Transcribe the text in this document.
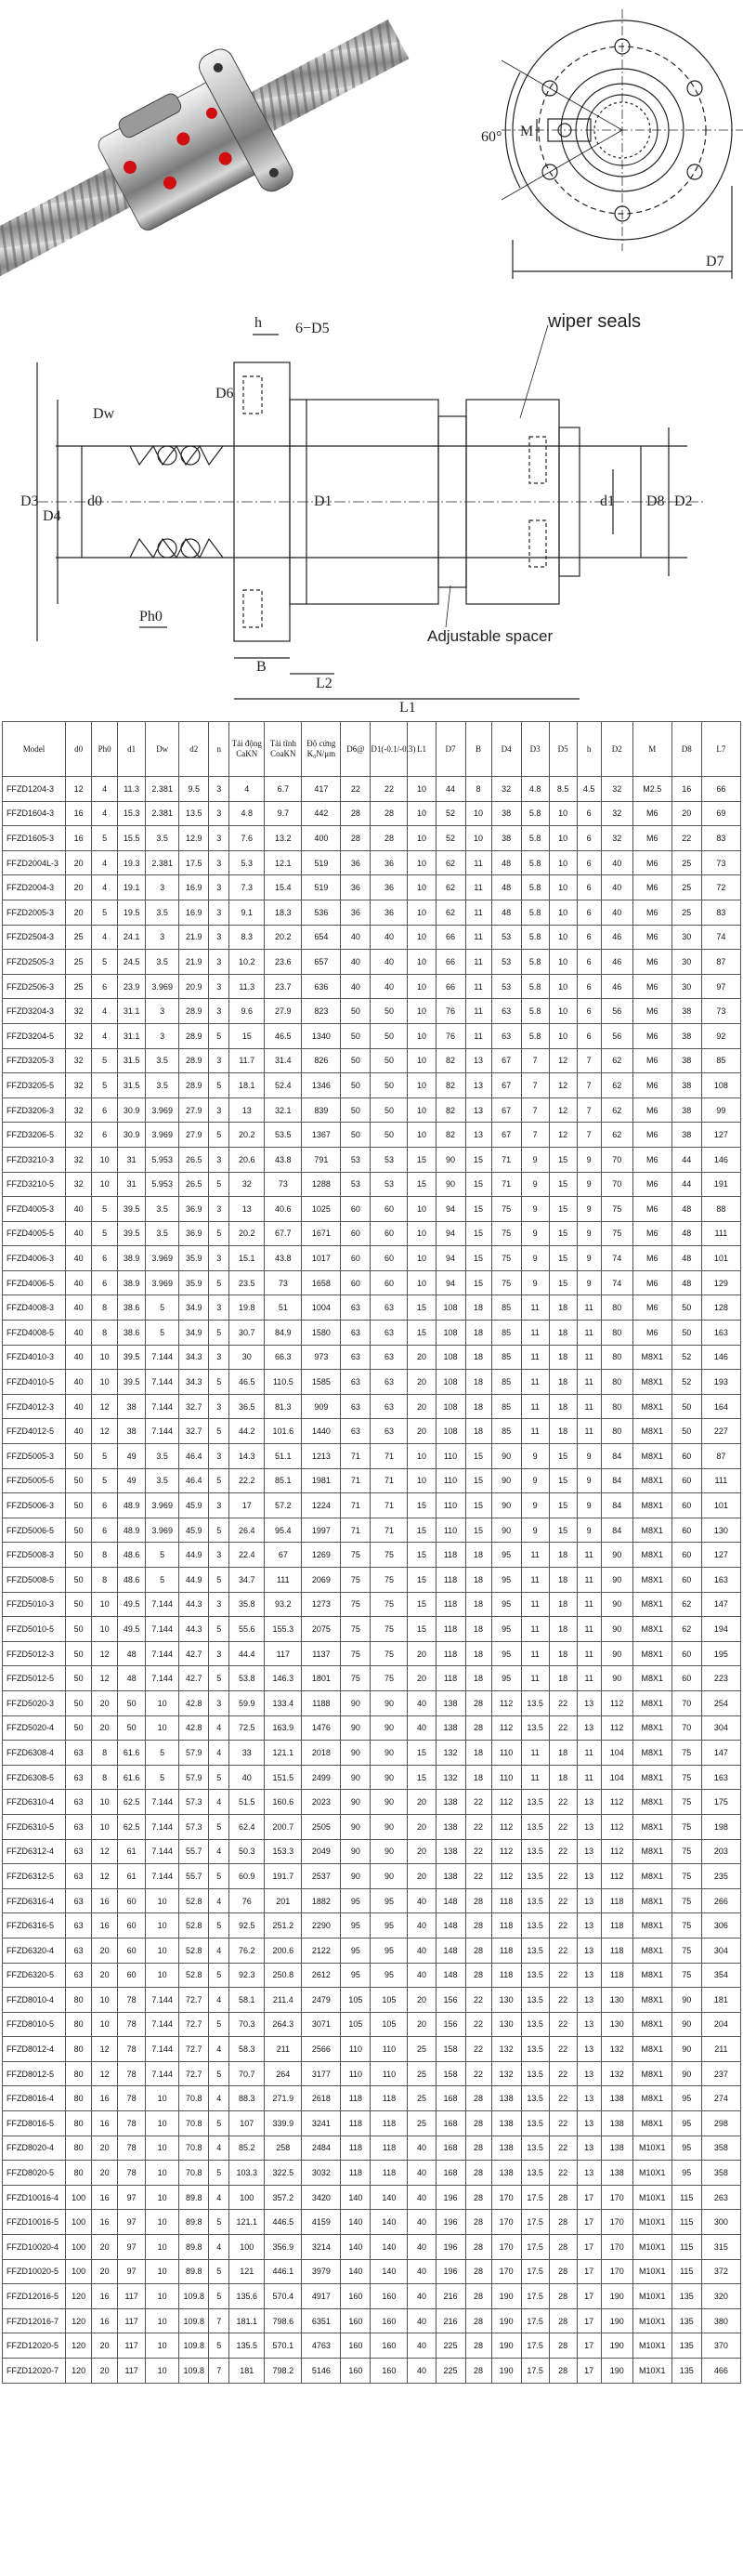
60° M
D7
h 6−D5
D6
D3
D4
d0
Dw
D1
Ph0
B
L2
L1
d1 D8 D2
wiper seals
Adjustable spacer
Model	d0	Ph0	d1	Dw	d2	n	Tải động CaKN	Tải tĩnh CoaKN	Độ cứng K₀N/μm	D6@	D1(-0.1/-0.3)	L1	D7	B	D4	D3	D5	h	D2	M	D8	L7
FFZD1204-3	12	4	11.3	2.381	9.5	3	4	6.7	417	22	22	10	44	8	32	4.8	8.5	4.5	32	M2.5	16	66
FFZD1604-3	16	4	15.3	2.381	13.5	3	4.8	9.7	442	28	28	10	52	10	38	5.8	10	6	32	M6	20	69
FFZD1605-3	16	5	15.5	3.5	12.9	3	7.6	13.2	400	28	28	10	52	10	38	5.8	10	6	32	M6	22	83
FFZD2004L-3	20	4	19.3	2.381	17.5	3	5.3	12.1	519	36	36	10	62	11	48	5.8	10	6	40	M6	25	73
FFZD2004-3	20	4	19.1	3	16.9	3	7.3	15.4	519	36	36	10	62	11	48	5.8	10	6	40	M6	25	72
FFZD2005-3	20	5	19.5	3.5	16.9	3	9.1	18.3	536	36	36	10	62	11	48	5.8	10	6	40	M6	25	83
FFZD2504-3	25	4	24.1	3	21.9	3	8.3	20.2	654	40	40	10	66	11	53	5.8	10	6	46	M6	30	74
FFZD2505-3	25	5	24.5	3.5	21.9	3	10.2	23.6	657	40	40	10	66	11	53	5.8	10	6	46	M6	30	87
FFZD2506-3	25	6	23.9	3.969	20.9	3	11.3	23.7	636	40	40	10	66	11	53	5.8	10	6	46	M6	30	97
FFZD3204-3	32	4	31.1	3	28.9	3	9.6	27.9	823	50	50	10	76	11	63	5.8	10	6	56	M6	38	73
FFZD3204-5	32	4	31.1	3	28.9	5	15	46.5	1340	50	50	10	76	11	63	5.8	10	6	56	M6	38	92
FFZD3205-3	32	5	31.5	3.5	28.9	3	11.7	31.4	826	50	50	10	82	13	67	7	12	7	62	M6	38	85
FFZD3205-5	32	5	31.5	3.5	28.9	5	18.1	52.4	1346	50	50	10	82	13	67	7	12	7	62	M6	38	108
FFZD3206-3	32	6	30.9	3.969	27.9	3	13	32.1	839	50	50	10	82	13	67	7	12	7	62	M6	38	99
FFZD3206-5	32	6	30.9	3.969	27.9	5	20.2	53.5	1367	50	50	10	82	13	67	7	12	7	62	M6	38	127
FFZD3210-3	32	10	31	5.953	26.5	3	20.6	43.8	791	53	53	15	90	15	71	9	15	9	70	M6	44	146
FFZD3210-5	32	10	31	5.953	26.5	5	32	73	1288	53	53	15	90	15	71	9	15	9	70	M6	44	191
FFZD4005-3	40	5	39.5	3.5	36.9	3	13	40.6	1025	60	60	10	94	15	75	9	15	9	75	M6	48	88
FFZD4005-5	40	5	39.5	3.5	36.9	5	20.2	67.7	1671	60	60	10	94	15	75	9	15	9	75	M6	48	111
FFZD4006-3	40	6	38.9	3.969	35.9	3	15.1	43.8	1017	60	60	10	94	15	75	9	15	9	74	M6	48	101
FFZD4006-5	40	6	38.9	3.969	35.9	5	23.5	73	1658	60	60	10	94	15	75	9	15	9	74	M6	48	129
FFZD4008-3	40	8	38.6	5	34.9	3	19.8	51	1004	63	63	15	108	18	85	11	18	11	80	M6	50	128
FFZD4008-5	40	8	38.6	5	34.9	5	30.7	84.9	1580	63	63	15	108	18	85	11	18	11	80	M6	50	163
FFZD4010-3	40	10	39.5	7.144	34.3	3	30	66.3	973	63	63	20	108	18	85	11	18	11	80	M8X1	52	146
FFZD4010-5	40	10	39.5	7.144	34.3	5	46.5	110.5	1585	63	63	20	108	18	85	11	18	11	80	M8X1	52	193
FFZD4012-3	40	12	38	7.144	32.7	3	36.5	81.3	909	63	63	20	108	18	85	11	18	11	80	M8X1	50	164
FFZD4012-5	40	12	38	7.144	32.7	5	44.2	101.6	1440	63	63	20	108	18	85	11	18	11	80	M8X1	50	227
FFZD5005-3	50	5	49	3.5	46.4	3	14.3	51.1	1213	71	71	10	110	15	90	9	15	9	84	M8X1	60	87
FFZD5005-5	50	5	49	3.5	46.4	5	22.2	85.1	1981	71	71	10	110	15	90	9	15	9	84	M8X1	60	111
FFZD5006-3	50	6	48.9	3.969	45.9	3	17	57.2	1224	71	71	15	110	15	90	9	15	9	84	M8X1	60	101
FFZD5006-5	50	6	48.9	3.969	45.9	5	26.4	95.4	1997	71	71	15	110	15	90	9	15	9	84	M8X1	60	130
FFZD5008-3	50	8	48.6	5	44.9	3	22.4	67	1269	75	75	15	118	18	95	11	18	11	90	M8X1	60	127
FFZD5008-5	50	8	48.6	5	44.9	5	34.7	111	2069	75	75	15	118	18	95	11	18	11	90	M8X1	60	163
FFZD5010-3	50	10	49.5	7.144	44.3	3	35.8	93.2	1273	75	75	15	118	18	95	11	18	11	90	M8X1	62	147
FFZD5010-5	50	10	49.5	7.144	44.3	5	55.6	155.3	2075	75	75	15	118	18	95	11	18	11	90	M8X1	62	194
FFZD5012-3	50	12	48	7.144	42.7	3	44.4	117	1137	75	75	20	118	18	95	11	18	11	90	M8X1	60	195
FFZD5012-5	50	12	48	7.144	42.7	5	53.8	146.3	1801	75	75	20	118	18	95	11	18	11	90	M8X1	60	223
FFZD5020-3	50	20	50	10	42.8	3	59.9	133.4	1188	90	90	40	138	28	112	13.5	22	13	112	M8X1	70	254
FFZD5020-4	50	20	50	10	42.8	4	72.5	163.9	1476	90	90	40	138	28	112	13.5	22	13	112	M8X1	70	304
FFZD6308-4	63	8	61.6	5	57.9	4	33	121.1	2018	90	90	15	132	18	110	11	18	11	104	M8X1	75	147
FFZD6308-5	63	8	61.6	5	57.9	5	40	151.5	2499	90	90	15	132	18	110	11	18	11	104	M8X1	75	163
FFZD6310-4	63	10	62.5	7.144	57.3	4	51.5	160.6	2023	90	90	20	138	22	112	13.5	22	13	112	M8X1	75	175
FFZD6310-5	63	10	62.5	7.144	57.3	5	62.4	200.7	2505	90	90	20	138	22	112	13.5	22	13	112	M8X1	75	198
FFZD6312-4	63	12	61	7.144	55.7	4	50.3	153.3	2049	90	90	20	138	22	112	13.5	22	13	112	M8X1	75	203
FFZD6312-5	63	12	61	7.144	55.7	5	60.9	191.7	2537	90	90	20	138	22	112	13.5	22	13	112	M8X1	75	235
FFZD6316-4	63	16	60	10	52.8	4	76	201	1882	95	95	40	148	28	118	13.5	22	13	118	M8X1	75	266
FFZD6316-5	63	16	60	10	52.8	5	92.5	251.2	2290	95	95	40	148	28	118	13.5	22	13	118	M8X1	75	306
FFZD6320-4	63	20	60	10	52.8	4	76.2	200.6	2122	95	95	40	148	28	118	13.5	22	13	118	M8X1	75	304
FFZD6320-5	63	20	60	10	52.8	5	92.3	250.8	2612	95	95	40	148	28	118	13.5	22	13	118	M8X1	75	354
FFZD8010-4	80	10	78	7.144	72.7	4	58.1	211.4	2479	105	105	20	156	22	130	13.5	22	13	130	M8X1	90	181
FFZD8010-5	80	10	78	7.144	72.7	5	70.3	264.3	3071	105	105	20	156	22	130	13.5	22	13	130	M8X1	90	204
FFZD8012-4	80	12	78	7.144	72.7	4	58.3	211	2566	110	110	25	158	22	132	13.5	22	13	132	M8X1	90	211
FFZD8012-5	80	12	78	7.144	72.7	5	70.7	264	3177	110	110	25	158	22	132	13.5	22	13	132	M8X1	90	237
FFZD8016-4	80	16	78	10	70.8	4	88.3	271.9	2618	118	118	25	168	28	138	13.5	22	13	138	M8X1	95	274
FFZD8016-5	80	16	78	10	70.8	5	107	339.9	3241	118	118	25	168	28	138	13.5	22	13	138	M8X1	95	298
FFZD8020-4	80	20	78	10	70.8	4	85.2	258	2484	118	118	40	168	28	138	13.5	22	13	138	M10X1	95	358
FFZD8020-5	80	20	78	10	70.8	5	103.3	322.5	3032	118	118	40	168	28	138	13.5	22	13	138	M10X1	95	358
FFZD10016-4	100	16	97	10	89.8	4	100	357.2	3420	140	140	40	196	28	170	17.5	28	17	170	M10X1	115	263
FFZD10016-5	100	16	97	10	89.8	5	121.1	446.5	4159	140	140	40	196	28	170	17.5	28	17	170	M10X1	115	300
FFZD10020-4	100	20	97	10	89.8	4	100	356.9	3214	140	140	40	196	28	170	17.5	28	17	170	M10X1	115	315
FFZD10020-5	100	20	97	10	89.8	5	121	446.1	3979	140	140	40	196	28	170	17.5	28	17	170	M10X1	115	372
FFZD12016-5	120	16	117	10	109.8	5	135.6	570.4	4917	160	160	40	216	28	190	17.5	28	17	190	M10X1	135	320
FFZD12016-7	120	16	117	10	109.8	7	181.1	798.6	6351	160	160	40	216	28	190	17.5	28	17	190	M10X1	135	380
FFZD12020-5	120	20	117	10	109.8	5	135.5	570.1	4763	160	160	40	225	28	190	17.5	28	17	190	M10X1	135	370
FFZD12020-7	120	20	117	10	109.8	7	181	798.2	5146	160	160	40	225	28	190	17.5	28	17	190	M10X1	135	466
